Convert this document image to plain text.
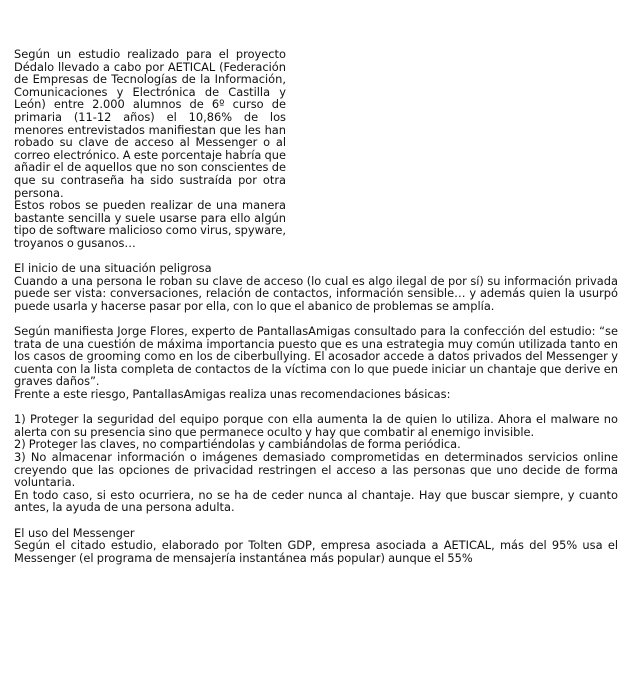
Según un estudio realizado para el proyecto Dédalo llevado a cabo por AETICAL (Federación de Empresas de Tecnologías de la Información, Comunicaciones y Electrónica de Castilla y León) entre 2.000 alumnos de 6º curso de primaria (11-12 años) el 10,86% de los menores entrevistados manifiestan que les han robado su clave de acceso al Messenger o al correo electrónico. A este porcentaje habría que añadir el de aquellos que no son conscientes de que su contraseña ha sido sustraída por otra persona.

Estos robos se pueden realizar de una manera bastante sencilla y suele usarse para ello algún tipo de software malicioso como virus, spyware, troyanos o gusanos…

El inicio de una situación peligrosa

Cuando a una persona le roban su clave de acceso (lo cual es algo ilegal de por sí) su información privada puede ser vista: conversaciones, relación de contactos, información sensible… y además quien la usurpó puede usarla y hacerse pasar por ella, con lo que el abanico de problemas se amplía.

Según manifiesta Jorge Flores, experto de PantallasAmigas consultado para la confección del estudio: “se trata de una cuestión de máxima importancia puesto que es una estrategia muy común utilizada tanto en los casos de grooming como en los de ciberbullying. El acosador accede a datos privados del Messenger y cuenta con la lista completa de contactos de la víctima con lo que puede iniciar un chantaje que derive en graves daños”.

Frente a este riesgo, PantallasAmigas realiza unas recomendaciones básicas:

1) Proteger la seguridad del equipo porque con ella aumenta la de quien lo utiliza. Ahora el malware no alerta con su presencia sino que permanece oculto y hay que combatir al enemigo invisible.

2) Proteger las claves, no compartiéndolas y cambiándolas de forma periódica.

3) No almacenar información o imágenes demasiado comprometidas en determinados servicios online creyendo que las opciones de privacidad restringen el acceso a las personas que uno decide de forma voluntaria.

En todo caso, si esto ocurriera, no se ha de ceder nunca al chantaje. Hay que buscar siempre, y cuanto antes, la ayuda de una persona adulta.

El uso del Messenger

Según el citado estudio, elaborado por Tolten GDP, empresa asociada a AETICAL, más del 95% usa el Messenger (el programa de mensajería instantánea más popular) aunque el 55%
